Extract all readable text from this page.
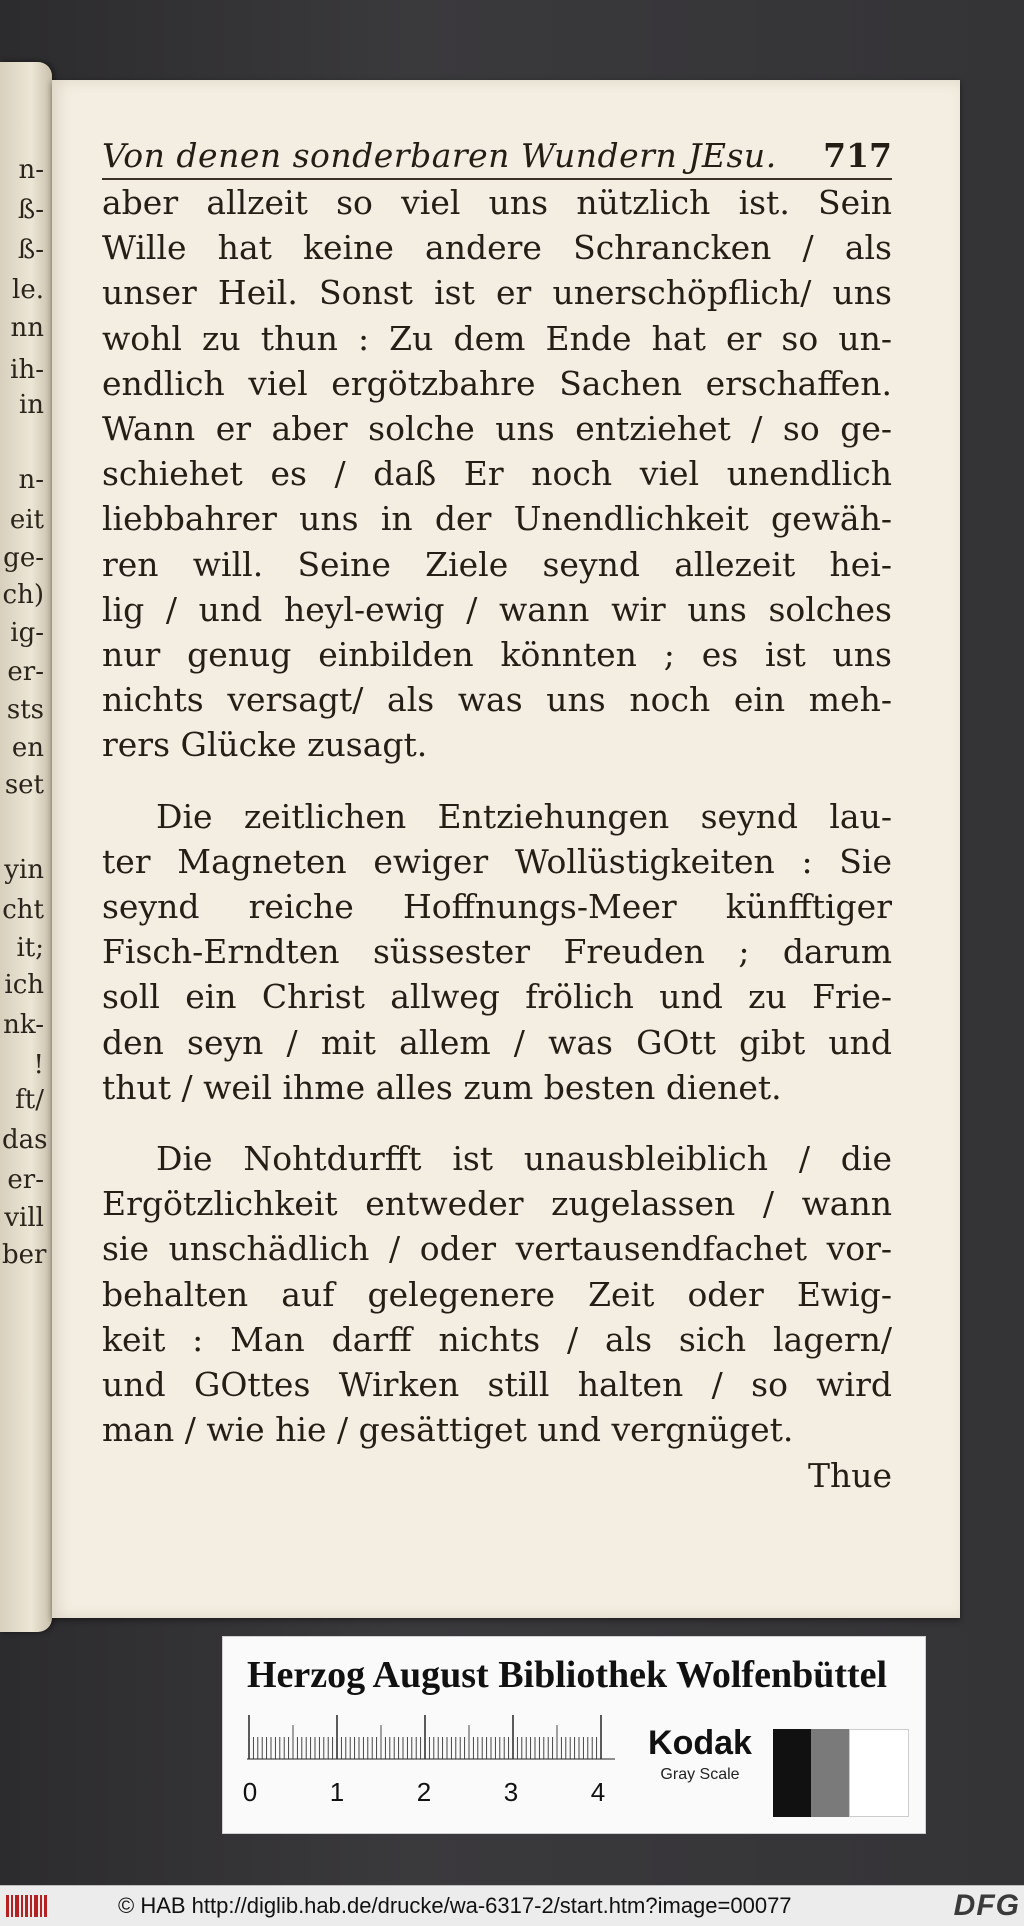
n-
ß-
ß-
le.
nn
ih-
in
n-
eit
ge-
ch)
ig-
er-
sts
en
set
yin
cht
it;
ich
nk-
!
ft/
das
er-
vill
ber
Von denen sonderbaren Wundern JEsu. 717
Thue
aber allzeit so viel uns nützlich ist. Sein
Wille hat keine andere Schrancken / als
unser Heil. Sonst ist er unerschöpflich/ uns
wohl zu thun : Zu dem Ende hat er so un-
endlich viel ergötzbahre Sachen erschaffen.
Wann er aber solche uns entziehet / so ge-
schiehet es / daß Er noch viel unendlich
liebbahrer uns in der Unendlichkeit gewäh-
ren will. Seine Ziele seynd allezeit hei-
lig / und heyl-ewig / wann wir uns solches
nur genug einbilden könnten ; es ist uns
nichts versagt/ als was uns noch ein meh-
rers Glücke zusagt.
Die zeitlichen Entziehungen seynd lau-
ter Magneten ewiger Wollüstigkeiten : Sie
seynd reiche Hoffnungs-Meer künfftiger
Fisch-Erndten süssester Freuden ; darum
soll ein Christ allweg frölich und zu Frie-
den seyn / mit allem / was GOtt gibt und
thut / weil ihme alles zum besten dienet.
Die Nohtdurfft ist unausbleiblich / die
Ergötzlichkeit entweder zugelassen / wann
sie unschädlich / oder vertausendfachet vor-
behalten auf gelegenere Zeit oder Ewig-
keit : Man darff nichts / als sich lagern/
und GOttes Wirken still halten / so wird
man / wie hie / gesättiget und vergnüget.
Herzog August Bibliothek Wolfenbüttel
0	1	2	3	4
Kodak
Gray Scale
© HAB http://diglib.hab.de/drucke/wa-6317-2/start.htm?image=00077	DFG
